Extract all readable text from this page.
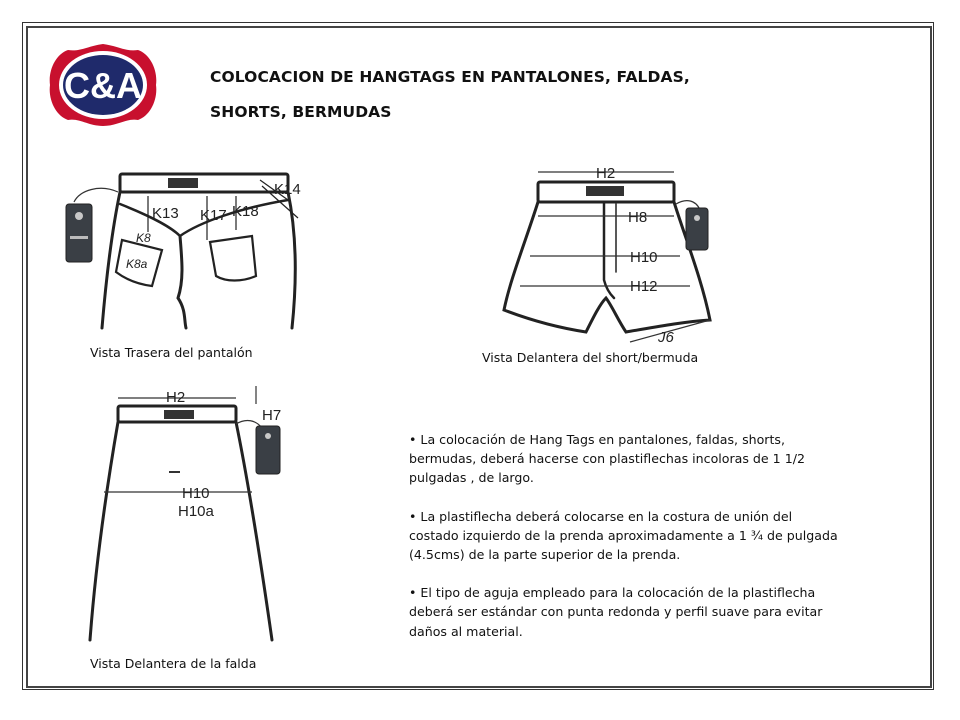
C&A	COLOCACION DE HANGTAGS EN PANTALONES, FALDAS,
SHORTS, BERMUDAS
K13 K17 K18
K14
K8
K8a
Vista Trasera del pantalón
H2
H8
H10
H12
J6
Vista Delantera del short/bermuda
H2
H7
H10
H10a
Vista Delantera de la falda

• La colocación de Hang Tags en pantalones, faldas, shorts, bermudas, deberá hacerse con plastiflechas incoloras de 1 1/2 pulgadas , de largo.

• La plastiflecha deberá colocarse en la costura de unión del costado izquierdo de la prenda aproximadamente a 1 ¾ de pulgada (4.5cms) de la parte superior de la prenda.

• El tipo de aguja empleado para la colocación de la plastiflecha deberá ser estándar con punta redonda y perfil suave para evitar daños al material.
